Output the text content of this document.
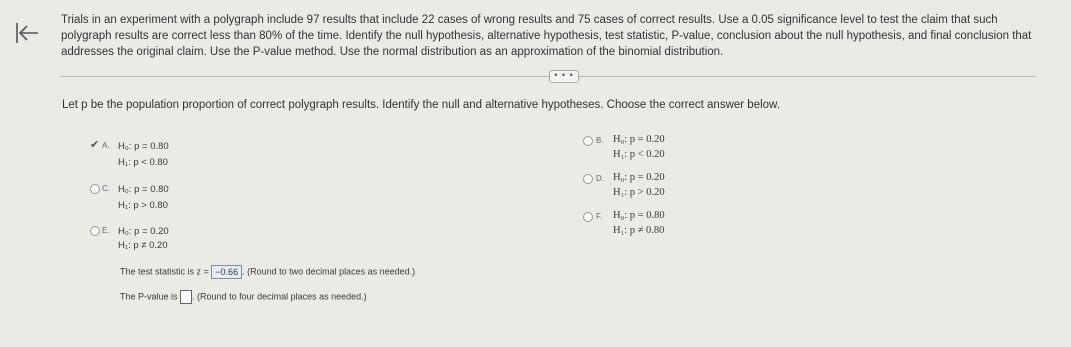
Trials in an experiment with a polygraph include 97 results that include 22 cases of wrong results and 75 cases of correct results. Use a 0.05 significance level to test the claim that such polygraph results are correct less than 80% of the time. Identify the null hypothesis, alternative hypothesis, test statistic, P-value, conclusion about the null hypothesis, and final conclusion that addresses the original claim. Use the P-value method. Use the normal distribution as an approximation of the binomial distribution.
• • •
Let p be the population proportion of correct polygraph results. Identify the null and alternative hypotheses. Choose the correct answer below.
✔ A. H₀: p = 0.80
H₁: p < 0.80
C. H₀: p = 0.80
H₁: p > 0.80
E. H₀: p = 0.20
H₁: p ≠ 0.20
B. H₀: p = 0.20
H₁: p < 0.20
D. H₀: p = 0.20
H₁: p > 0.20
F. H₀: p = 0.80
H₁: p ≠ 0.80
The test statistic is z = −0.66 . (Round to two decimal places as needed.)
The P-value is . (Round to four decimal places as needed.)
